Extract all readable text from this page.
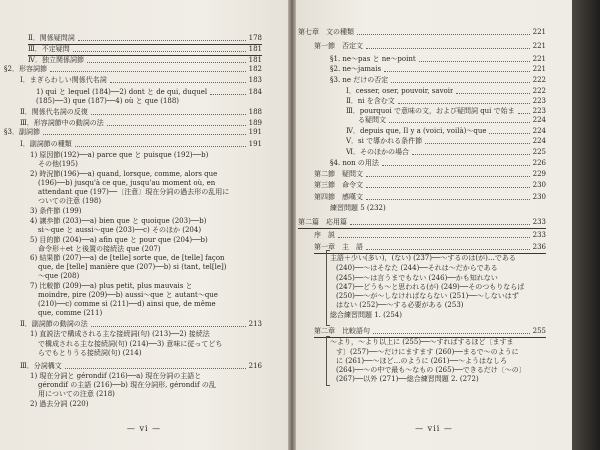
Ⅱ．関係疑問詞	178
Ⅲ．不定疑問	181
Ⅳ．独立関係詞節	181
§2．形容詞節	182
Ⅰ．まぎらわしい関係代名詞	183
1) qui と lequel (184)──2) dont と de qui, duquel	184
(185)──3) que (187)──4) où と que (188)
Ⅱ．関係代名詞の反復	188
Ⅲ．形容詞節中の動詞の法	189
§3．副詞節	191
Ⅰ．副詞節の種類	191
1) 原因節(192)──a) parce que と puisque (192)──b)
その他(195)
2) 時況節(196)──a) quand, lorsque, comme, alors que
(196)──b) jusqu'à ce que, jusqu'au moment où, en
attendant que (197)──〔注意〕現在分詞の過去形の乱用に
ついての注意 (198)
3) 条件節 (199)
4) 譲歩節 (203)──a) bien que と quoique (203)──b)
si〜que と aussi〜que (203)──c) そのほか (204)
5) 目的節 (204)──a) afin que と pour que (204)──b)
命令形＋et と後置の接続法 que (207)
6) 結果節 (207)──a) de [telle] sorte que, de [telle] façon
que, de [telle] manière que (207)──b) si (tant, tel[le])
〜que (208)
7) 比較節 (209)──a) plus petit, plus mauvais と
moindre, pire (209)──b) aussi〜que と autant〜que
(210)──c) comme si (211)──d) ainsi que, de même
que, comme (211)
Ⅱ．副詞節の動詞の法	213
1) 直説法で構成される主な接続詞(句) (213)──2) 接続法
で構成される主な接続詞(句) (214)──3) 意味に従ってどち
らでもとりうる接続詞(句) (214)
Ⅲ．分詞構文	216
1) 現在分詞と gérondif (216)──a) 現在分詞の主語と
gérondif の主語 (216)──b) 現在分詞形, gérondif の乱
用についての注意 (218)
2) 過去分詞 (220)
— vi —
第七章　文の種類	221
第一節　否定文	221
§1. ne〜pas と ne〜point	221
§2. ne〜jamais	221
§3. ne だけの否定	222
Ⅰ．cesser, oser, pouvoir, savoir	222
Ⅱ．ni を含む文	223
Ⅲ．pourquoi で意味の文，および疑問詞 qui で始ま	223
る疑問文	224
Ⅳ．depuis que, Il y a (voici, voilà)〜que	224
Ⅴ．si で導かれる条件節	224
Ⅵ．そのほかの場合	225
§4. non の用法	226
第二節　疑問文	229
第三節　命令文	230
第四節　感嘆文	230
練習問題 5 (232)
第二篇　応用篇	233
序　説	233
第一章　主　語	236
主語＋少い(多い)，(ない) (237)──〜するのは(が)…である
(240)──〜はそなた (244)──それは〜だからである
(245)──〜は言うまでもない (246)──かも知れない
(247)──どうも〜と思われる(が) (249)──そのつもりならば
(250)──〜が〜しなければならない (251)──〜しないはず
はない (252)──〜する必要がある (253)
総合練習問題 1. (254)
第二章　比較語句	255
〜より，〜より以上に (255)──〜すればするほど〔ますま
す〕(257)──〜だけにますます (260)──まるで〜のように
に (261)──〜ほど…のように (261)──〜ようはなしろ
(264)──〜の中で最も〜なもの (265)──できるだけ〔〜の〕
(267)──以外 (271)──総合練習問題 2. (272)
— vii —
